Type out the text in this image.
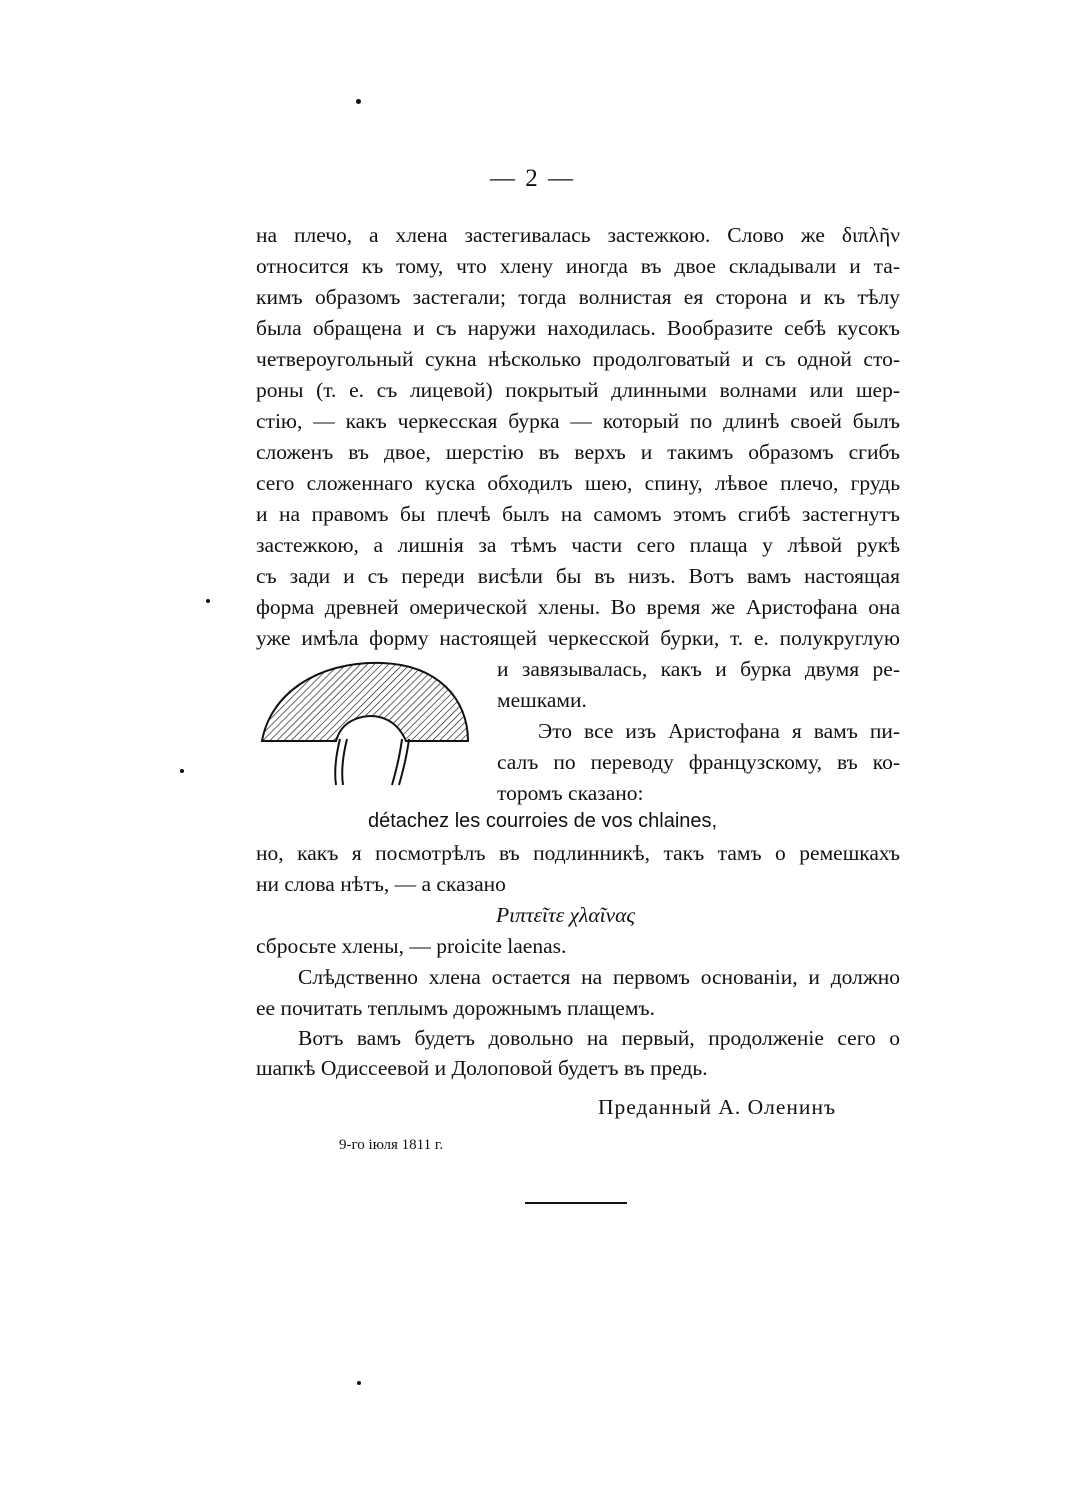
— 2 —
на плечо, а хлена застегивалась застежкою. Слово же διπλῆν
относится къ тому, что хлену иногда въ двое складывали и та-
кимъ образомъ застегали; тогда волнистая ея сторона и къ тѣлу
была обращена и съ наружи находилась. Вообразите себѣ кусокъ
четвероугольный сукна нѣсколько продолговатый и съ одной сто-
роны (т. е. съ лицевой) покрытый длинными волнами или шер-
стію, — какъ черкесская бурка — который по длинѣ своей былъ
сложенъ въ двое, шерстію въ верхъ и такимъ образомъ сгибъ
сего сложеннаго куска обходилъ шею, спину, лѣвое плечо, грудь
и на правомъ бы плечѣ былъ на самомъ этомъ сгибѣ застегнутъ
застежкою, а лишнія за тѣмъ части сего плаща у лѣвой рукѣ
съ зади и съ переди висѣли бы въ низъ. Вотъ вамъ настоящая
форма древней омерической хлены. Во время же Аристофана она
уже имѣла форму настоящей черкесской бурки, т. е. полукруглую
и завязывалась, какъ и бурка двумя ре-
мешками.
Это все изъ Аристофана я вамъ пи-
салъ по переводу французскому, въ ко-
торомъ сказано:
détachez les courroies de vos chlaines,
но, какъ я посмотрѣлъ въ подлинникѣ, такъ тамъ о ремешкахъ
ни слова нѣтъ, — а сказано
Ριπτεῖτε χλαῖνας
сбросьте хлены, — proicite laenas.
Слѣдственно хлена остается на первомъ основаніи, и должно
ее почитать теплымъ дорожнымъ плащемъ.
Вотъ вамъ будетъ довольно на первый, продолженіе сего о
шапкѣ Одиссеевой и Долоповой будетъ въ предь.
Преданный А. Оленинъ
9-го іюля 1811 г.
